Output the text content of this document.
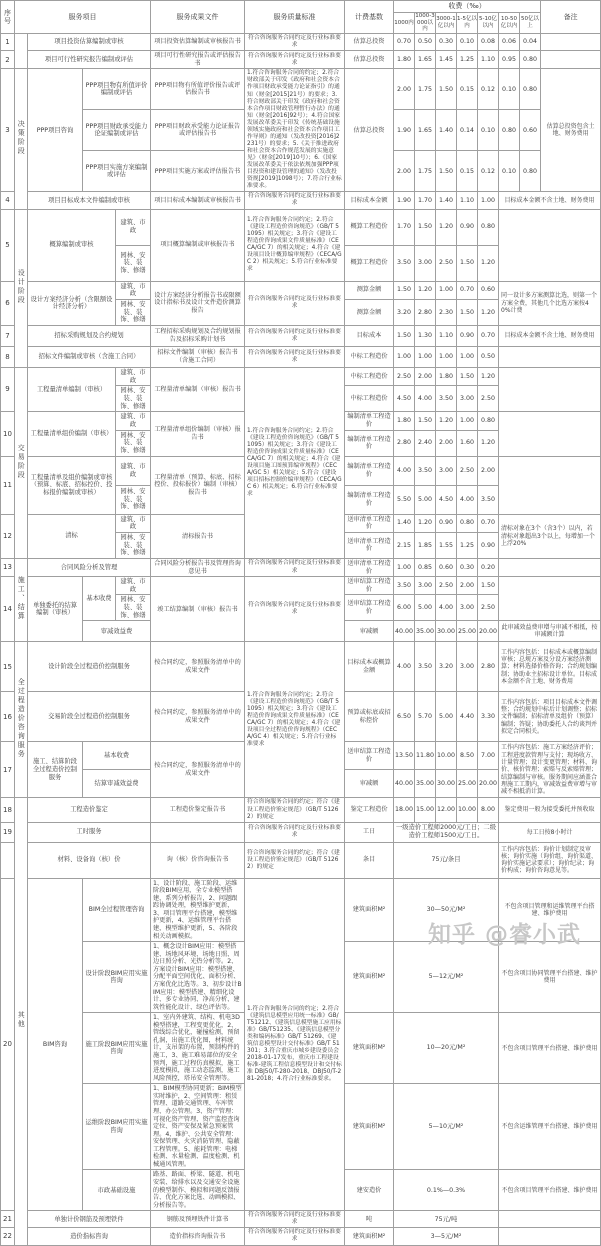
序 号	服务项目				服务成果文件	服务质量标准	计费基数	收费（‰）							备注
								1000内	1000-3000以内	3000-1亿以内	1-5亿以内	5-10亿以内	10-50亿以内	50亿以上	
1		项目投资估算编制或审核			项目投资估算编制或审核报告书	符合咨询服务合同约定及行业标准要求	估算总投资	0.70	0.50	0.30	0.10	0.08	0.06	0.04	
2		项目可行性研究报告编制或评估			项目可行性研究报告或评估报告书	符合咨询服务合同约定及行业标准要求	估算总投资	1.80	1.65	1.45	1.25	1.10	0.95	0.80	
3	决策阶段	PPP项目咨询	PPP项目物有所值评价编制或评估		PPP项目物有所值评价报告或评估报告书	1.符合咨询服务合同的约定；2.符合财政部关于印发《政府和社会资本合作项目财政承受能力论证指引》的通知（财金[2015]21号）的要求；3.符合财政部关于印发《政府和社会资本合作项目财政管理暂行办法》的通知（财金[2016]92号）；4.符合国家发展改革委关于印发《传统基础设施领域实施政府和社会资本合作项目工作导则》的通知（发改投资[2016]2231号）的要求；5.《关于推进政府和社会资本合作规范发展的实施意见》（财金[2019]10号）；6.《国家发展改革委关于依法依规加强PPP项目投资和建设管理的通知》（发改投资规[2019]1098号）；7.符合行业标准要求。	估算总投资	2.00	1.75	1.50	0.15	0.12	0.10	0.80	估算总投资包含土地、财务费用
			PPP项目财政承受能力论证编制或评估		PPP项目财政承受能力论证报告或评估报告书			1.90	1.65	1.40	0.14	0.10	0.80	0.60	
			PPP项目实施方案编制或评估		PPP项目实施方案或评估报告书			2.00	1.75	1.50	0.15	0.12	0.10	0.80	
4		项目目标成本文件编制或审核			项目目标成本编制或审核报告书	符合咨询服务合同约定及行业标准要求	目标成本金额	1.90	1.70	1.40	1.10	1.00	目标成本金额不含土地、财务费用		
5	设计阶段	概算编制或审核		建筑、市政	项目概算编制或审核报告书	1.符合咨询服务合同约定；2.符合《建设工程造价咨询规范》（GB/T 51095）相关规定；3.符合《建设工程造价咨询成果文件质量标准》（CECA/GC 7）的相关规定；4.符合《建设项目设计概算编审规程》（CECA/GC 2）相关规定；5.符合行业标准要求	概算工程造价	1.70	1.50	1.20	0.90	0.80			
				园林、安装、装饰、修缮			概算工程造价	3.50	3.00	2.50	1.50	1.20			
6		设计方案经济分析（含限额设计经济分析）		建筑、市政	设计方案经济分析报告书或限额设计指标书及设计文件造价测算报告	符合咨询服务合同约定及行业标准要求	测算金额	1.50	1.20	1.00	0.70	0.60	同一设计多方案测算比选，则第一个方案全费，其他几个比选方案按40%计费		
				园林、安装、装饰、修缮			测算金额	3.20	2.80	2.30	1.50	1.20			
7		招标采购规划及合约规划			工程招标采购规划及合约规划报告及招标采购计划书	符合咨询服务合同约定及行业标准要求	目标成本	1.50	1.30	1.10	0.90	0.70	目标成本金额不含土地、财务费用		
8		招标文件编制或审核（含施工合同）			招标文件编制（审核）报告书（含施工合同）	符合咨询服务合同约定及行业标准要求	中标工程造价	1.00	1.00	1.00	1.00	0.50			
9	交易阶段	工程量清单编制（审核）		建筑、市政	工程量清单编制（审核）报告书	1.符合咨询服务合同约定；2.符合《建设工程造价咨询规范》（GB/T 51095）相关规定；3.符合《建设工程造价咨询成果文件质量标准》（CECA/GC 7）的相关规定；4.符合《建设项目施工图预算编审规程》（CECA/GC 5）相关规定；5.符合《建设项目招标控制价编审规程》（CECA/GC 6）相关规定；6.符合行业标准要求	中标工程造价	2.50	2.00	1.80	1.50	1.20			
				园林、安装、装饰、修缮			中标工程造价	4.50	4.00	3.50	3.00	2.50			
10		工程量清单组价编制（审核）		建筑、市政	工程量清单组价编制（审核）报告书		编制清单工程造价	1.80	1.50	1.20	1.00	0.80			
				园林、安装、装饰、修缮			编制清单工程造价	2.80	2.40	2.00	1.60	1.20			
11		工程量清单及组价编制或审核（预算、标底、招标控价、投标报价编制或审核）		建筑、市政	工程量清单（预算、标底、招标控价、投标报价）编制（审核）报告书		编制清单工程造价	4.00	3.50	3.00	2.50	2.00			
				园林、安装、装饰、修缮			编制清单工程造价	5.50	5.00	4.50	4.00	3.50			
12		清标		建筑、市政	清标报告书		送审清单工程造价	1.40	1.20	0.90	0.80	0.70	清标对象在3个（含3个）以内，若清标对象超出3个以上，每增加一个上浮20%		
				园林、安装、装饰、修缮			送审清单工程造价	2.15	1.85	1.55	1.25	0.90			
13	施工、结算	合同风险分析及管理			合同风险分析报告书及管理咨询意见书	符合咨询服务合同约定及行业标准要求	送审清单工程造价	1.00	0.85	0.60	0.30	0.20			
14		单独委托的结算编制（审核）	基本收费	建筑、市政	竣工结算编制（审核）报告书	符合咨询服务合同约定及行业标准要求	送审结算工程造价	3.50	3.00	2.50	2.00	1.50			
				园林、安装、装饰、修缮			送审结算工程造价	6.00	5.00	4.00	3.00	2.50			
			审减效益费				审减额	40.00	35.00	30.00	25.00	20.00	此审减效益费审增与审减不相抵，按审减额计算		
15	全过程造价咨询服务	设计阶段全过程造价控制服务			按合同约定，参照服务清单中的成果文件	1.符合咨询服务合同约定；2.符合《建设工程造价咨询规范》（GB/T 51095）相关规定；3.符合《建设工程造价咨询成果文件质量标准》（CECA/GC 7）的相关规定；4.符合《建设项目全过程造价咨询规程》（CECA/GC 4）相关规定；5.符合行业标准要求	目标成本或概算金额	4.00	3.50	3.20	3.00	2.80	工作内容包括：目标成本或概算编制审核；总规方案及分设方案经济测算；材料选择价格咨询；合约规划编制；协助业主招标设计单位。目标成本金额不含土地、财务费用		
16		交易阶段全过程造价控制服务			按合同约定，参照服务清单中的成果文件		预算或标底或招标控价	6.50	5.70	5.00	4.40	3.30	工作内容包括：项目目标成本文件调整；合约规划中标后计划调整；招标文件编制；招标清单及组价（预算）编制；答疑；协助委托人合约谈判并拟定合同相关。		
17		施工、结算阶段全过程造价控制服务	基本收费		按合同约定，参照服务清单中的成果文件		送审结算工程造价	13.50	11.80	10.00	8.50	7.00	工作内容包括：施工方案经济评价；工程进度款管理与支付；现场收方、计量管理；设计变更管理；材料、询价、核价管理；索赔与反索赔管理；结算编制与审核。服务期间应涵盖合理施工工期内，审减效益费审增与审减不相抵消计算。		
			结算审减效益费				审减额	40.00	35.00	30.00	25.00	20.00			
18	其他	工程造价鉴定			工程造价鉴定报告书	符合咨询服务合同的约定；符合《建设工程造价鉴定规范》（GB/T 51262）的规定	鉴定工程造价	18.00	15.00	12.00	10.00	8.00	鉴定费用一般为接受委托并预收取		
19		工时服务				符合咨询服务合同约定及行业标准要求	工日	一级造价工程师2000元/工日；二级造价工程师1500元/工日。					每工日按8小时计		
		材料、设备询（核）价			询（核）价咨询报告书	符合咨询服务合同的约定；符合《建设工程造价鉴定规范》（GB/T 51262）的规定	条目	75元/条目					工作内容包括：询价计划制定及审核；询价实施（询价组、询价渠道、询价实施记录要求）；询价纪录；询价构成；询价咨询意见等。		
20		BIM咨询	BIM全过程管理咨询		1、设计阶段、施工阶段、运维阶段BIM应用，全专业模型搭建，系列分析报告，2、问题跟踪协调处理，模型维护更新，3、项目管理平台搭建，模型维护更新，4、运维管理平台搭建，模型维护更新，5、各阶段相关动画模拟。	1.符合咨询服务合同的约定；2.符合《建筑信息模型应用统一标准》GB/T51212、《建筑信息模型施工应用标准》GB/T51235、《建筑信息模型分类和编码标准》GB/T 51269、《建筑信息模型设计交付标准》GB/T 51301；3.符合重庆市城乡建设委员会2018-01-17发布，重庆市工程建设标准-建筑工程信息模型设计和交付标准 DBJ50/T-280-2018、DBJ50/T-281-2018；4.符合行业标准要求。	建筑面积M²	30—50元/M²					不包含项目管理和运维管理平台搭建、维护费用		
			设计阶段BIM应用实施咨询		1、概念设计BIM应用：模型搭建、场地风环境、场地日照、周边日照分析、光热分析等。2、方案设计BIM应用：模型搭建、分配平面空间优化、面积分析、方案优化比选等。3、初步设计BIM应用：模型搭建、精细化设计、多专业协同、净高分析、建筑性能化设计、绿色评估等。		建筑面积M²	5—12元/M²					不包含项目协同管理平台搭建、维护费用		
			施工阶段BIM应用实施咨询		1、室内外建筑、结构、机电3D模型搭建，工程变更优化，2、管线综合优化，碰撞检测，预留孔洞，出施工优化图，材料统计，支吊架的布置，预制构件的施工，3、施工难易部位的安全预判，施工过程仿真模拟，施工进度模拟，施工动态监测，施工风险预控，塔吊安全管理等。		建筑面积M²	10—20元/M²					不包含项目管理平台搭建、维护费用		
			运维阶段BIM应用实施咨询		1、BIM模型协同更新；BIM模型实时维护，2、空间管理：租赁管理、道路交通管理、车库管理、办公管理。3、资产管理：可视化资产管理、资产监控查询定位、资产安保及紧急预案管理。4、维护、公共安全管理：安保管理、火灾消防管理、隐蔽工程管理。5、能耗管理：电梯检测、水量检测、温度检测、机械通风管理。		建筑面积M²	5—10元/M²					不包含运维管理平台搭建、维护费用		
			市政基础设施		路基、路面、桥梁、隧道、机电安装、给排水以及交通安全设施的模型制作、模拟和问题反馈报告、优化方案比选、动画模拟、分析报告等。		建安造价	0.1%—0.3%					不包含项目管理平台搭建、维护费用		
21		单独计价钢筋及预埋铁件			钢筋及预埋铁件计算书	符合咨询服务合同约定及行业标准要求	吨	75元/吨							
22		造价指标咨询			造价指标咨询报告书	符合咨询服务合同约定及行业标准要求	建筑面积M²	3—5元/M²							
知乎 @睿小武
